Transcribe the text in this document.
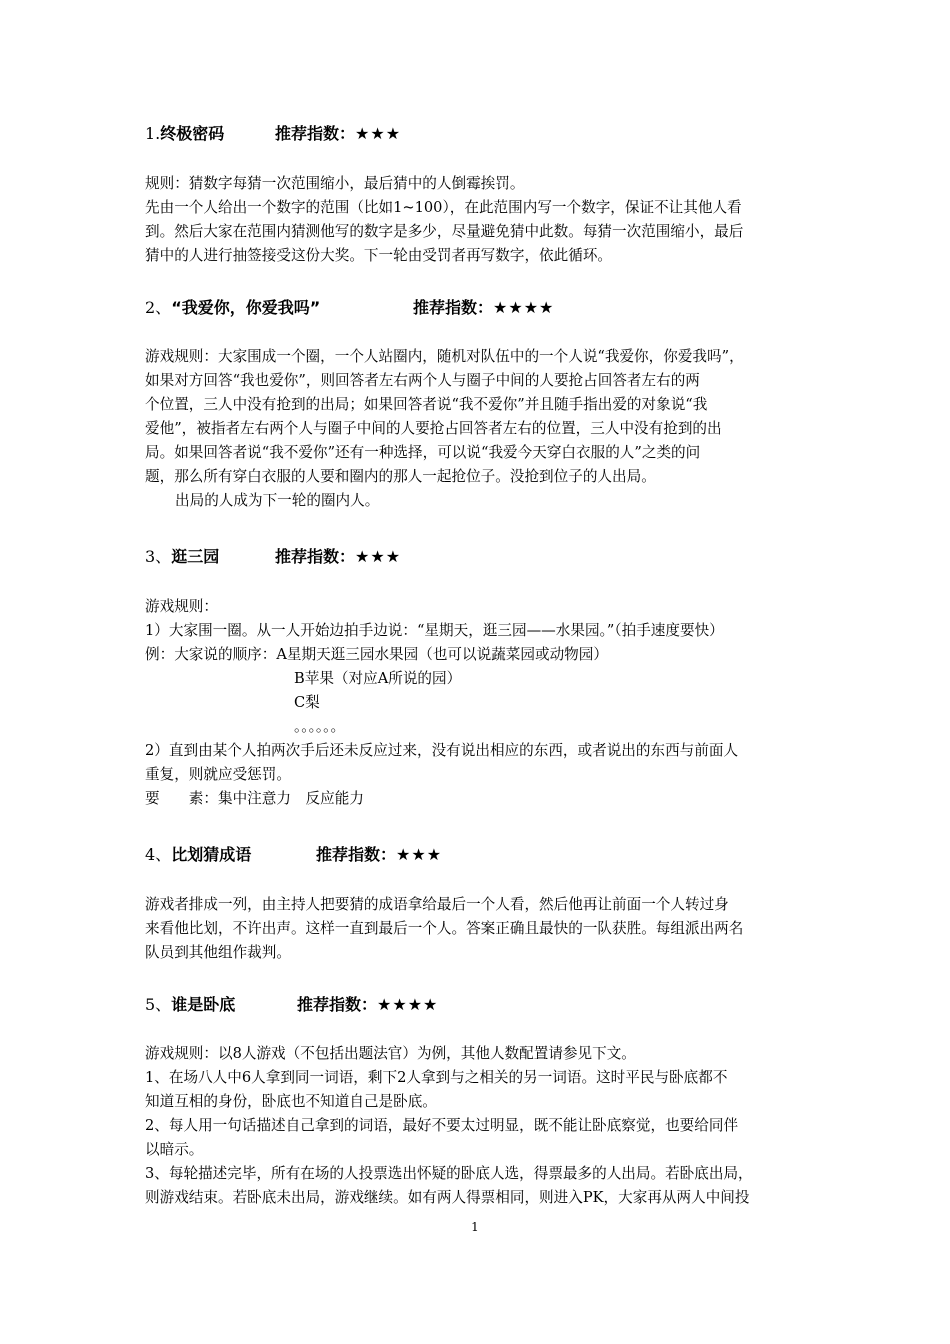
1.终极密码	推荐指数：★★★
规则：猜数字每猜一次范围缩小，最后猜中的人倒霉挨罚。
先由一个人给出一个数字的范围（比如1~100），在此范围内写一个数字，保证不让其他人看
到。然后大家在范围内猜测他写的数字是多少，尽量避免猜中此数。每猜一次范围缩小，最后
猜中的人进行抽签接受这份大奖。下一轮由受罚者再写数字，依此循环。
2、“我爱你，你爱我吗”	推荐指数：★★★★
游戏规则：大家围成一个圈，一个人站圈内，随机对队伍中的一个人说“我爱你，你爱我吗”，
如果对方回答“我也爱你”，则回答者左右两个人与圈子中间的人要抢占回答者左右的两
个位置，三人中没有抢到的出局；如果回答者说“我不爱你”并且随手指出爱的对象说“我
爱他”，被指者左右两个人与圈子中间的人要抢占回答者左右的位置，三人中没有抢到的出
局。如果回答者说“我不爱你”还有一种选择，可以说“我爱今天穿白衣服的人”之类的问
题，那么所有穿白衣服的人要和圈内的那人一起抢位子。没抢到位子的人出局。
出局的人成为下一轮的圈内人。
3、逛三园	推荐指数：★★★
游戏规则：
1）大家围一圈。从一人开始边拍手边说：“星期天，逛三园——水果园。”（拍手速度要快）
例：大家说的顺序：A星期天逛三园水果园（也可以说蔬菜园或动物园）
B苹果（对应A所说的园）
C梨
。。。。。。
2）直到由某个人拍两次手后还未反应过来，没有说出相应的东西，或者说出的东西与前面人
重复，则就应受惩罚。
要　　素：集中注意力　反应能力
4、比划猜成语	推荐指数：★★★
游戏者排成一列，由主持人把要猜的成语拿给最后一个人看，然后他再让前面一个人转过身
来看他比划，不许出声。这样一直到最后一个人。答案正确且最快的一队获胜。每组派出两名
队员到其他组作裁判。
5、谁是卧底	推荐指数：★★★★
游戏规则：以8人游戏（不包括出题法官）为例，其他人数配置请参见下文。
1、在场八人中6人拿到同一词语，剩下2人拿到与之相关的另一词语。这时平民与卧底都不
知道互相的身份，卧底也不知道自己是卧底。
2、每人用一句话描述自己拿到的词语，最好不要太过明显，既不能让卧底察觉，也要给同伴
以暗示。
3、每轮描述完毕，所有在场的人投票选出怀疑的卧底人选，得票最多的人出局。若卧底出局，
则游戏结束。若卧底未出局，游戏继续。如有两人得票相同，则进入PK，大家再从两人中间投
1
